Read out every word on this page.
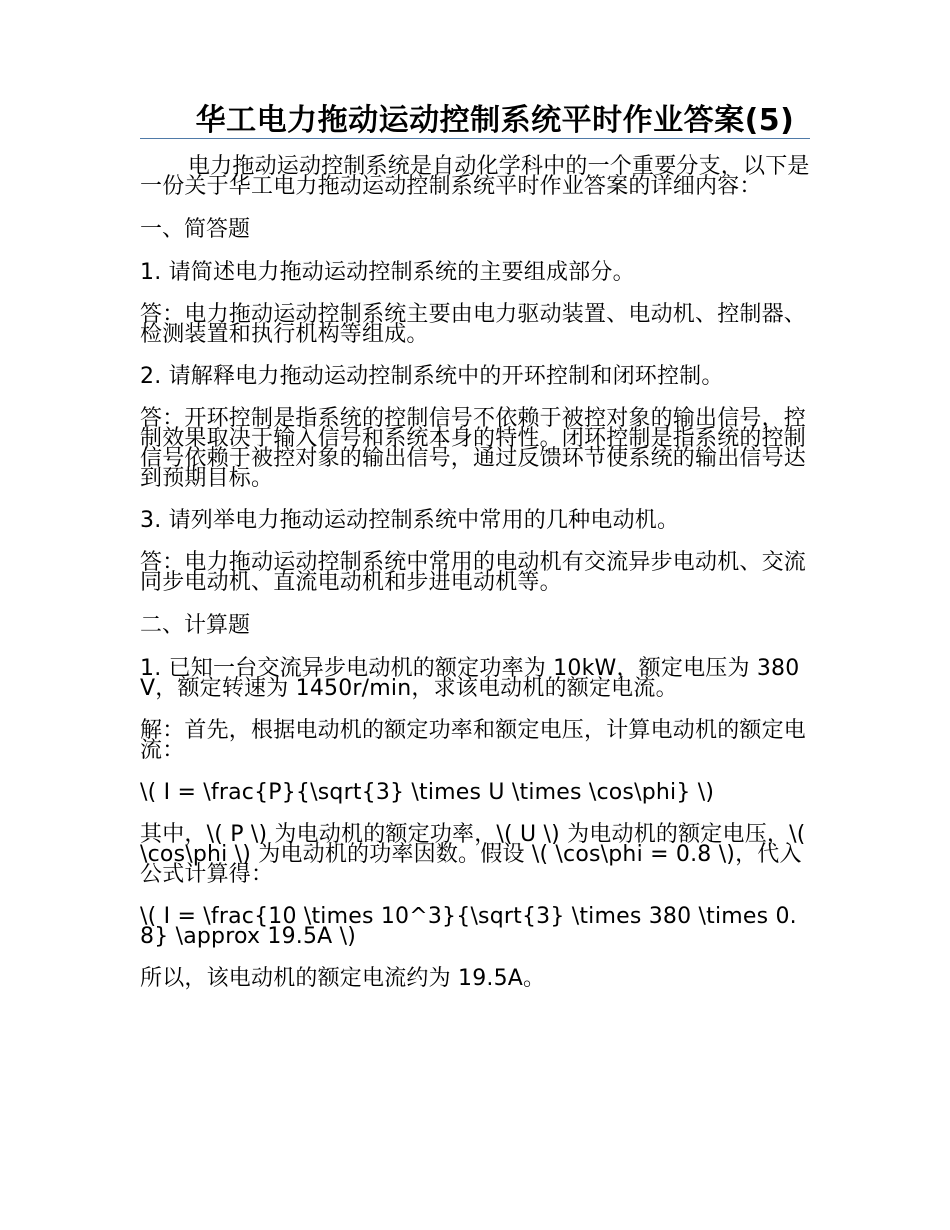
华工电力拖动运动控制系统平时作业答案(5)

电力拖动运动控制系统是自动化学科中的一个重要分支，以下是一份关于华工电力拖动运动控制系统平时作业答案的详细内容：

一、简答题

1. 请简述电力拖动运动控制系统的主要组成部分。

答：电力拖动运动控制系统主要由电力驱动装置、电动机、控制器、检测装置和执行机构等组成。

2. 请解释电力拖动运动控制系统中的开环控制和闭环控制。

答：开环控制是指系统的控制信号不依赖于被控对象的输出信号，控制效果取决于输入信号和系统本身的特性。闭环控制是指系统的控制信号依赖于被控对象的输出信号，通过反馈环节使系统的输出信号达到预期目标。

3. 请列举电力拖动运动控制系统中常用的几种电动机。

答：电力拖动运动控制系统中常用的电动机有交流异步电动机、交流同步电动机、直流电动机和步进电动机等。

二、计算题

1. 已知一台交流异步电动机的额定功率为 10kW，额定电压为 380V，额定转速为 1450r/min，求该电动机的额定电流。

解：首先，根据电动机的额定功率和额定电压，计算电动机的额定电流：

\( I = \frac{P}{\sqrt{3} \times U \times \cos\phi} \)

其中，\( P \) 为电动机的额定功率，\( U \) 为电动机的额定电压，\( \cos\phi \) 为电动机的功率因数。假设 \( \cos\phi = 0.8 \)，代入公式计算得：

\( I = \frac{10 \times 10^3}{\sqrt{3} \times 380 \times 0.8} \approx 19.5A \)

所以，该电动机的额定电流约为 19.5A。
